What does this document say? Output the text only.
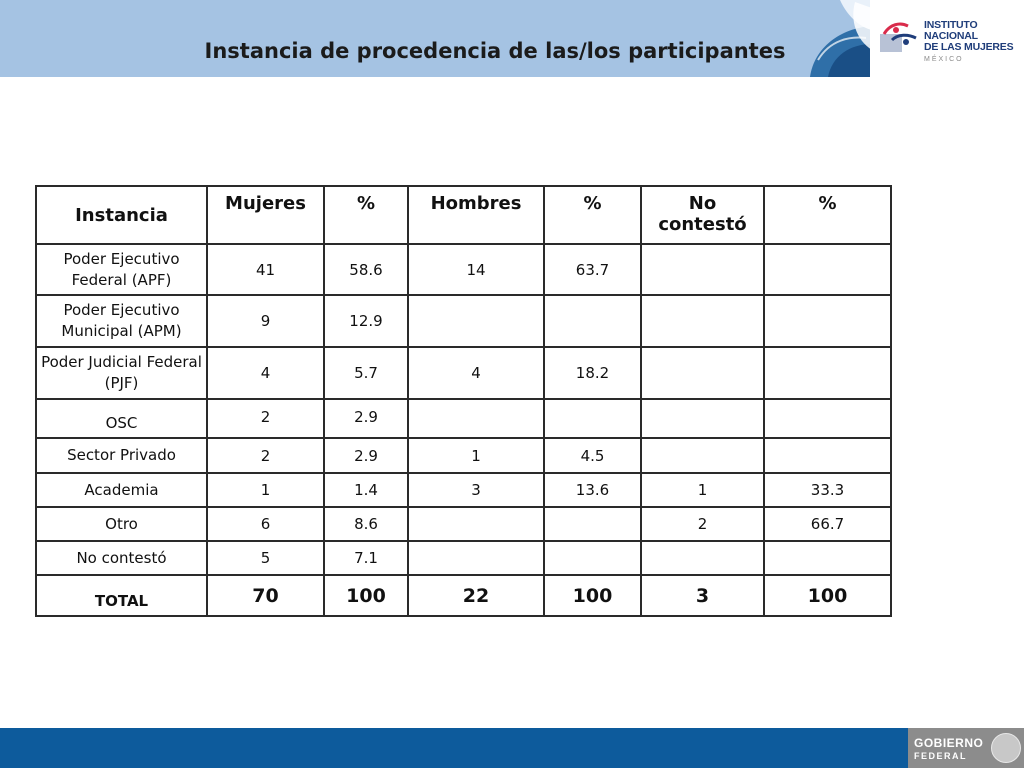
Instancia de procedencia de las/los participantes
INSTITUTO NACIONAL
DE LAS MUJERES
MÉXICO
Instancia	Mujeres	%	Hombres	%	No contestó	%
Poder Ejecutivo Federal (APF)	41	58.6	14	63.7		
Poder Ejecutivo Municipal (APM)	9	12.9				
Poder Judicial Federal (PJF)	4	5.7	4	18.2		
OSC	2	2.9				
Sector Privado	2	2.9	1	4.5		
Academia	1	1.4	3	13.6	1	33.3
Otro	6	8.6			2	66.7
No contestó	5	7.1				
TOTAL	70	100	22	100	3	100
GOBIERNO
FEDERAL
